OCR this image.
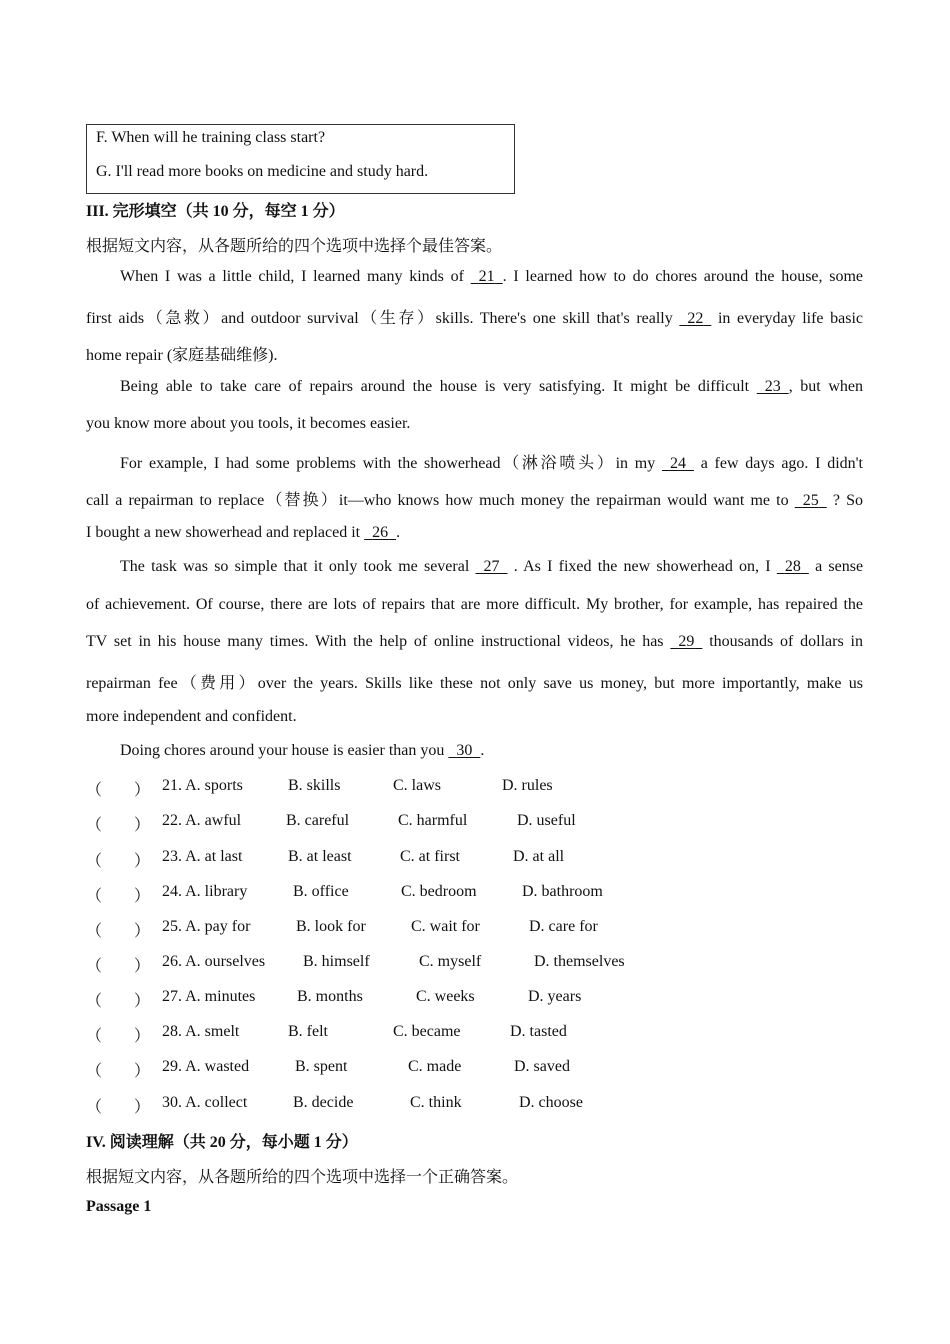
F. When will he training class start?
G. I'll read more books on medicine and study hard.
III. 完形填空（共 10 分，每空 1 分）
根据短文内容，从各题所给的四个选项中选择个最佳答案。
When I was a little child, I learned many kinds of 21 . I learned how to do chores around the house, some
first aids（急救）and outdoor survival（生存）skills. There's one skill that's really 22 in everyday life basic
home repair (家庭基础维修).
Being able to take care of repairs around the house is very satisfying. It might be difficult 23 , but when
you know more about you tools, it becomes easier.
For example, I had some problems with the showerhead（淋浴喷头）in my 24 a few days ago. I didn't
call a repairman to replace（替换）it—who knows how much money the repairman would want me to 25 ? So
I bought a new showerhead and replaced it 26 .
The task was so simple that it only took me several 27 . As I fixed the new showerhead on, I 28 a sense
of achievement. Of course, there are lots of repairs that are more difficult. My brother, for example, has repaired the
TV set in his house many times. With the help of online instructional videos, he has 29 thousands of dollars in
repairman fee（费用）over the years. Skills like these not only save us money, but more importantly, make us
more independent and confident.
Doing chores around your house is easier than you 30 .
（　　） 21. A. sports	B. skills	C. laws	D. rules
（　　） 22. A. awful	B. careful	C. harmful	D. useful
（　　） 23. A. at last	B. at least	C. at first	D. at all
（　　） 24. A. library	B. office	C. bedroom	D. bathroom
（　　） 25. A. pay for	B. look for	C. wait for	D. care for
（　　） 26. A. ourselves B. himself	C. myself	D. themselves
（　　） 27. A. minutes	B. months	C. weeks	D. years
（　　） 28. A. smelt	B. felt	C. became	D. tasted
（　　） 29. A. wasted	B. spent	C. made	D. saved
（　　） 30. A. collect	B. decide	C. think	D. choose
IV. 阅读理解（共 20 分，每小题 1 分）
根据短文内容，从各题所给的四个选项中选择一个正确答案。
Passage 1
